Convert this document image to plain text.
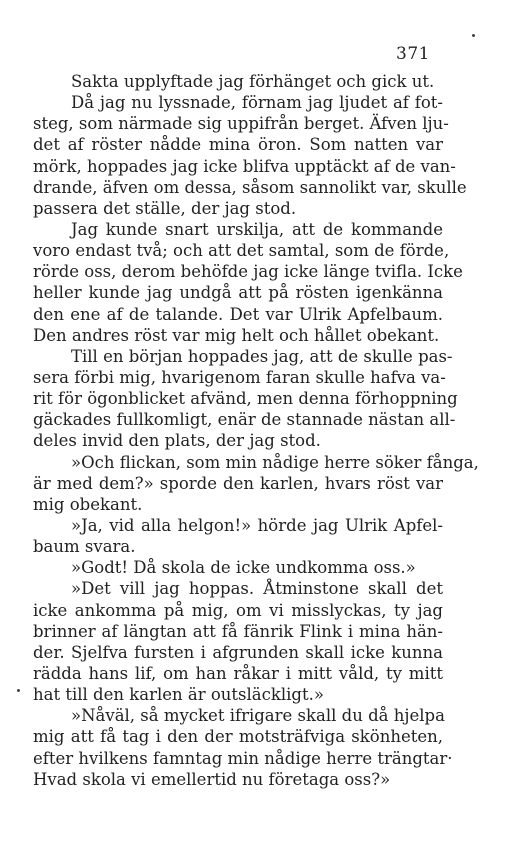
371
Sakta upplyftade jag förhänget och gick ut.
Då jag nu lyssnade, förnam jag ljudet af fot-
steg, som närmade sig uppifrån berget. Äfven lju-
det af röster nådde mina öron. Som natten var
mörk, hoppades jag icke blifva upptäckt af de van-
drande, äfven om dessa, såsom sannolikt var, skulle
passera det ställe, der jag stod.
Jag kunde snart urskilja, att de kommande
voro endast två; och att det samtal, som de förde,
rörde oss, derom behöfde jag icke länge tvifla. Icke
heller kunde jag undgå att på rösten igenkänna
den ene af de talande. Det var Ulrik Apfelbaum.
Den andres röst var mig helt och hållet obekant.
Till en början hoppades jag, att de skulle pas-
sera förbi mig, hvarigenom faran skulle hafva va-
rit för ögonblicket afvänd, men denna förhoppning
gäckades fullkomligt, enär de stannade nästan all-
deles invid den plats, der jag stod.
»Och flickan, som min nådige herre söker fånga,
är med dem?» sporde den karlen, hvars röst var
mig obekant.
»Ja, vid alla helgon!» hörde jag Ulrik Apfel-
baum svara.
»Godt! Då skola de icke undkomma oss.»
»Det vill jag hoppas. Åtminstone skall det
icke ankomma på mig, om vi misslyckas, ty jag
brinner af längtan att få fänrik Flink i mina hän-
der. Sjelfva fursten i afgrunden skall icke kunna
rädda hans lif, om han råkar i mitt våld, ty mitt
hat till den karlen är outsläckligt.»
»Nåväl, så mycket ifrigare skall du då hjelpa
mig att få tag i den der motsträfviga skönheten,
efter hvilkens famntag min nådige herre trängtar·
Hvad skola vi emellertid nu företaga oss?»
